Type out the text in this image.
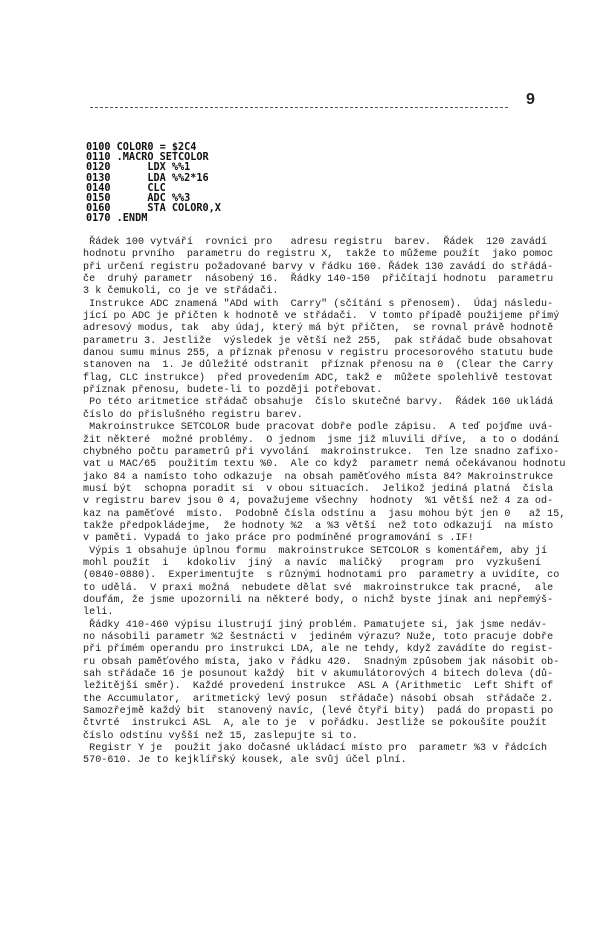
9
0100 COLOR0 = $2C4
0110 .MACRO SETCOLOR
0120      LDX %%1
0130      LDA %%2*16
0140      CLC
0150      ADC %%3
0160      STA COLOR0,X
0170 .ENDM
Řádek 100 vytváří  rovnici pro   adresu registru  barev.  Řádek  120 zavádí
hodnotu prvního  parametru do registru X,  takže to můžeme použít  jako pomoc
při určení registru požadované barvy v řádku 160. Řádek 130 zavádí do střádá-
če  druhý parametr  násobený 16.  Řádky 140-150  přičítají hodnotu  parametru
3 k čemukoli, co je ve střádači.
Instrukce ADC znamená "ADd with  Carry" (sčítání s přenosem).  Údaj následu-
jící po ADC je přičten k hodnotě ve střádači.  V tomto případě použijeme přímý
adresový modus, tak  aby údaj, který má být přičten,  se rovnal právě hodnotě
parametru 3. Jestliže  výsledek je větší než 255,  pak střádač bude obsahovat
danou sumu minus 255, a příznak přenosu v registru procesorového statutu bude
stanoven na  1. Je důležité odstranit  příznak přenosu na 0  (Clear the Carry
flag, CLC instrukce)  před provedením ADC, takž e  můžete spolehlivě testovat
příznak přenosu, budete-li to později potřebovat.
Po této aritmetice střádač obsahuje  číslo skutečné barvy.  Řádek 160 ukládá
číslo do příslušného registru barev.
Makroinstrukce SETCOLOR bude pracovat dobře podle zápisu.  A teď pojďme uvá-
žit některé  možné problémy.  O jednom  jsme již mluvili dříve,  a to o dodání
chybného počtu parametrů při vyvolání  makroinstrukce.  Ten lze snadno zafixo-
vat u MAC/65  použitím textu %0.  Ale co když  parametr nemá očekávanou hodnotu
jako 84 a namísto toho odkazuje  na obsah paměťového místa 84? Makroinstrukce
musí být  schopna poradit si  v obou situacích.  Jelikož jediná platná  čísla
v registru barev jsou 0 4, považujeme všechny  hodnoty  %1 větší než 4 za od-
kaz na paměťové  místo.  Podobně čísla odstínu a  jasu mohou být jen 0   až 15,
takže předpokládejme,  že hodnoty %2  a %3 větší  než toto odkazují  na místo
v paměti. Vypadá to jako práce pro podmíněné programování s .IF!
Výpis 1 obsahuje úplnou formu  makroinstrukce SETCOLOR s komentářem, aby jí
mohl použít  i   kdokoliv  jiný  a navíc  maličký   program  pro  vyzkušení
(0840-0880).  Experimentujte  s různými hodnotami pro  parametry a uvidíte, co
to udělá.  V praxi možná  nebudete dělat své  makroinstrukce tak pracné,  ale
doufám, že jsme upozornili na některé body, o nichž byste jinak ani nepřemýš-
leli.
Řádky 410-460 výpisu ilustrují jiný problém. Pamatujete si, jak jsme nedáv-
no násobili parametr %2 šestnácti v  jediném výrazu? Nuže, toto pracuje dobře
při přímém operandu pro instrukci LDA, ale ne tehdy, když zavádíte do regist-
ru obsah paměťového místa, jako v řádku 420.  Snadným způsobem jak násobit ob-
sah střádače 16 je posunout každý  bit v akumulátorových 4 bitech doleva (dů-
ležitější směr).  Každé provedení instrukce  ASL A (Arithmetic  Left Shift of
the Accumulator,  aritmetický levý posun  střádače) násobí obsah  střádače 2.
Samozřejmě každý bit  stanovený navíc, (levé čtyři bity)  padá do propasti po
čtvrté  instrukci ASL  A, ale to je  v pořádku. Jestliže se pokoušíte použít
číslo odstínu vyšší než 15, zaslepujte si to.
Registr Y je  použit jako dočasné ukládací místo pro  parametr %3 v řádcích
570-610. Je to kejklířský kousek, ale svůj účel plní.
